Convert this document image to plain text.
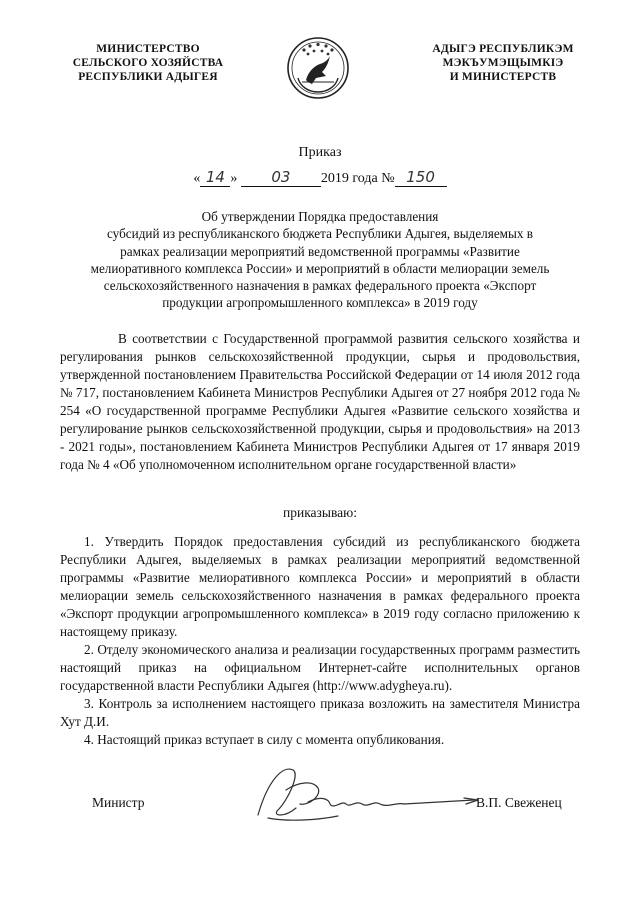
МИНИСТЕРСТВО
СЕЛЬСКОГО ХОЗЯЙСТВА
РЕСПУБЛИКИ АДЫГЕЯ
АДЫГЭ РЕСПУБЛИКЭМ
МЭКЪУМЭЩЫМКIЭ
И МИНИСТЕРСТВ
Приказ
« 14 » 03 2019 года № 150
Об утверждении Порядка предоставления
субсидий из республиканского бюджета Республики Адыгея, выделяемых в
рамках реализации мероприятий ведомственной программы «Развитие
мелиоративного комплекса России» и мероприятий в области мелиорации земель
сельскохозяйственного назначения в рамках федерального проекта «Экспорт
продукции агропромышленного комплекса» в 2019 году

В соответствии с Государственной программой развития сельского хозяйства и регулирования рынков сельскохозяйственной продукции, сырья и продовольствия, утвержденной постановлением Правительства Российской Федерации от 14 июля 2012 года № 717, постановлением Кабинета Министров Республики Адыгея от 27 ноября 2012 года № 254 «О государственной программе Республики Адыгея «Развитие сельского хозяйства и регулирование рынков сельскохозяйственной продукции, сырья и продовольствия» на 2013 - 2021 годы», постановлением Кабинета Министров Республики Адыгея от 17 января 2019 года № 4 «Об уполномоченном исполнительном органе государственной власти»

приказываю:

1. Утвердить Порядок предоставления субсидий из республиканского бюджета Республики Адыгея, выделяемых в рамках реализации мероприятий ведомственной программы «Развитие мелиоративного комплекса России» и мероприятий в области мелиорации земель сельскохозяйственного назначения в рамках федерального проекта «Экспорт продукции агропромышленного комплекса» в 2019 году согласно приложению к настоящему приказу.

2. Отделу экономического анализа и реализации государственных программ разместить настоящий приказ на официальном Интернет-сайте исполнительных органов государственной власти Республики Адыгея (http://www.adygheya.ru).

3. Контроль за исполнением настоящего приказа возложить на заместителя Министра Хут Д.И.

4. Настоящий приказ вступает в силу с момента опубликования.

Министр	В.П. Свеженец
